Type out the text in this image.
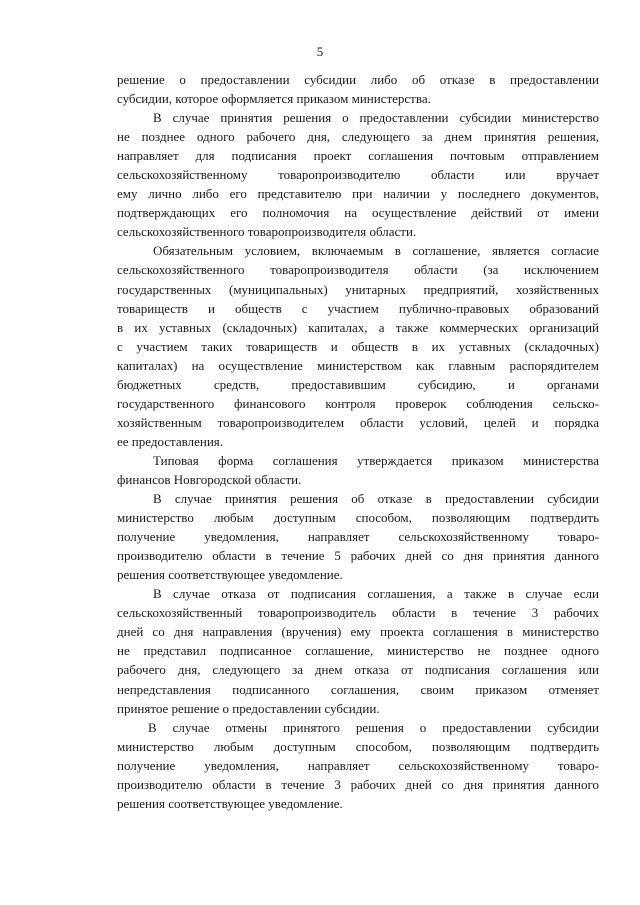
5

решение о предоставлении субсидии либо об отказе в предоставлении
субсидии, которое оформляется приказом министерства.

В случае принятия решения о предоставлении субсидии министерство
не позднее одного рабочего дня, следующего за днем принятия решения,
направляет для подписания проект соглашения почтовым отправлением
сельскохозяйственному товаропроизводителю области или вручает
ему лично либо его представителю при наличии у последнего документов,
подтверждающих его полномочия на осуществление действий от имени
сельскохозяйственного товаропроизводителя области.

Обязательным условием, включаемым в соглашение, является согласие
сельскохозяйственного товаропроизводителя области (за исключением
государственных (муниципальных) унитарных предприятий, хозяйственных
товариществ и обществ с участием публично-правовых образований
в их уставных (складочных) капиталах, а также коммерческих организаций
с участием таких товариществ и обществ в их уставных (складочных)
капиталах) на осуществление министерством как главным распорядителем
бюджетных средств, предоставившим субсидию, и органами
государственного финансового контроля проверок соблюдения сельско-
хозяйственным товаропроизводителем области условий, целей и порядка
ее предоставления.

Типовая форма соглашения утверждается приказом министерства
финансов Новгородской области.

В случае принятия решения об отказе в предоставлении субсидии
министерство любым доступным способом, позволяющим подтвердить
получение уведомления, направляет сельскохозяйственному товаро-
производителю области в течение 5 рабочих дней со дня принятия данного
решения соответствующее уведомление.

В случае отказа от подписания соглашения, а также в случае если
сельскохозяйственный товаропроизводитель области в течение 3 рабочих
дней со дня направления (вручения) ему проекта соглашения в министерство
не представил подписанное соглашение, министерство не позднее одного
рабочего дня, следующего за днем отказа от подписания соглашения или
непредставления подписанного соглашения, своим приказом отменяет
принятое решение о предоставлении субсидии.

В случае отмены принятого решения о предоставлении субсидии
министерство любым доступным способом, позволяющим подтвердить
получение уведомления, направляет сельскохозяйственному товаро-
производителю области в течение 3 рабочих дней со дня принятия данного
решения соответствующее уведомление.
